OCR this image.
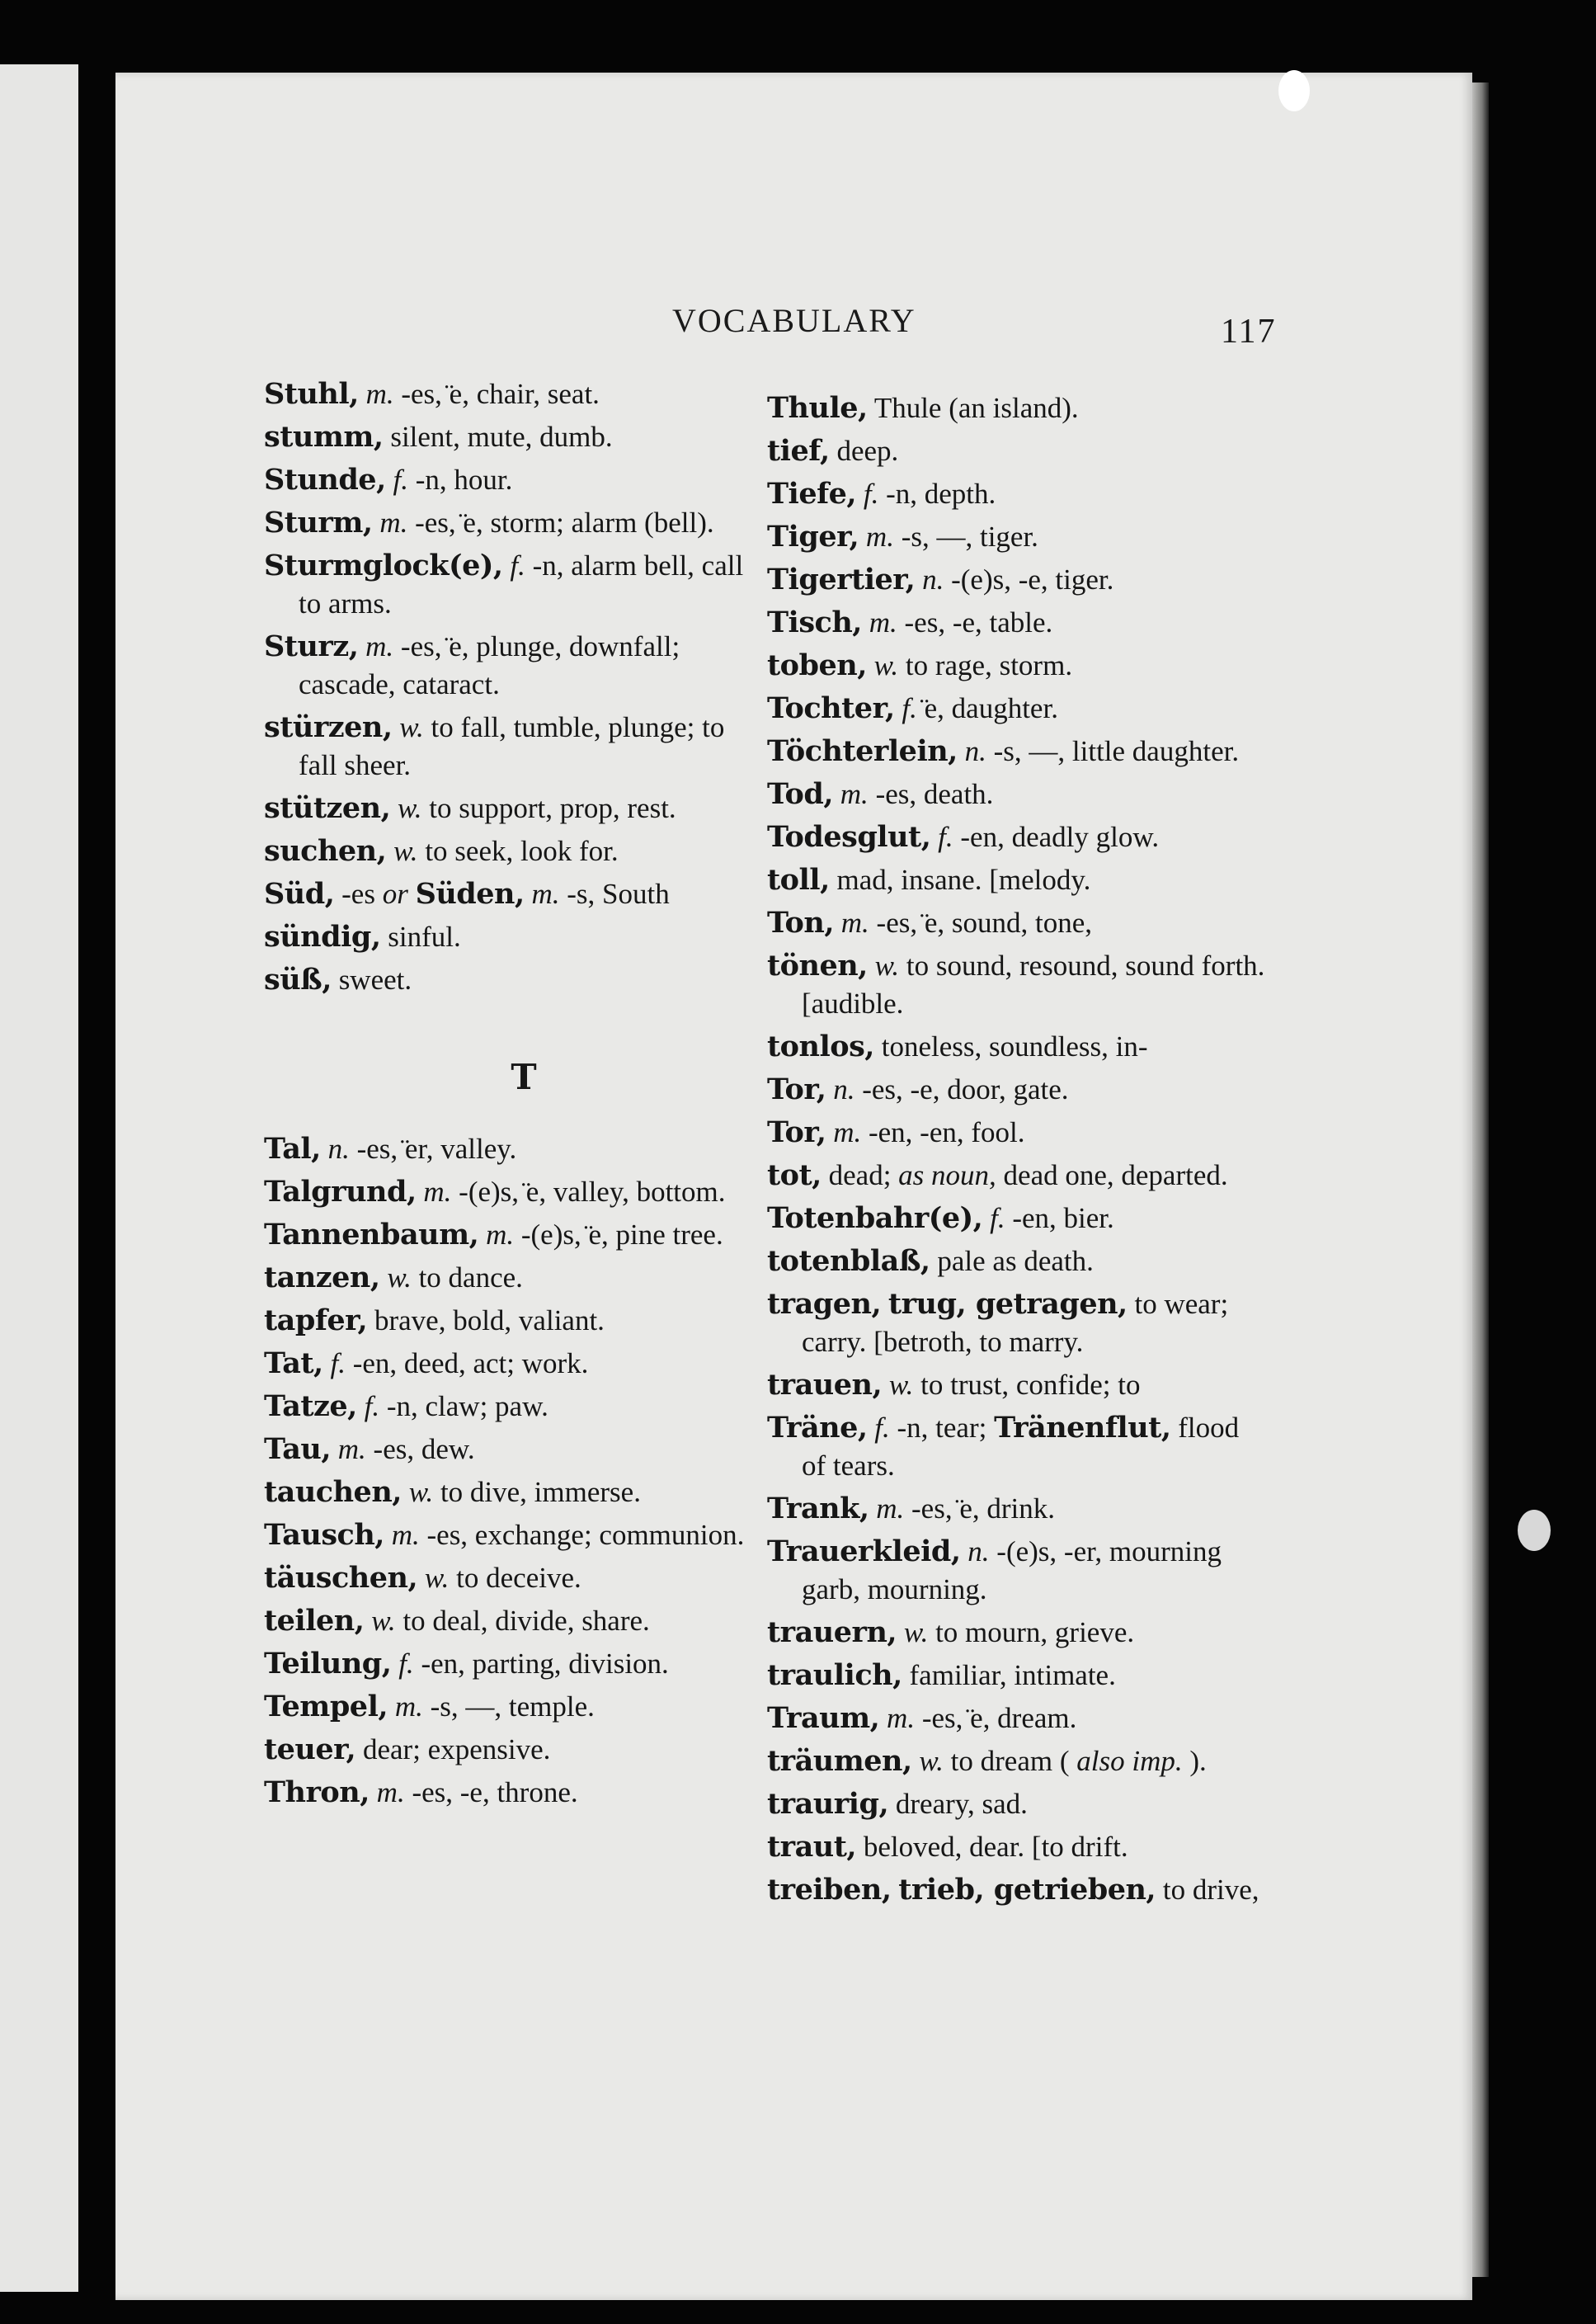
VOCABULARY	117

Stuhl, m. -es, ̈e, chair, seat.

stumm, silent, mute, dumb.

Stunde, f. -n, hour.

Sturm, m. -es, ̈e, storm; alarm (bell).

Sturmglock(e), f. -n, alarm bell, call to arms.

Sturz, m. -es, ̈e, plunge, downfall; cascade, cataract.

stürzen, w. to fall, tumble, plunge; to fall sheer.

stützen, w. to support, prop, rest.

suchen, w. to seek, look for.

Süd, -es or Süden, m. -s, South

sündig, sinful.

süß, sweet.

T

Tal, n. -es, ̈er, valley.

Talgrund, m. -(e)s, ̈e, valley, bottom.

Tannenbaum, m. -(e)s, ̈e, pine tree.

tanzen, w. to dance.

tapfer, brave, bold, valiant.

Tat, f. -en, deed, act; work.

Tatze, f. -n, claw; paw.

Tau, m. -es, dew.

tauchen, w. to dive, immerse.

Tausch, m. -es, exchange; communion.

täuschen, w. to deceive.

teilen, w. to deal, divide, share.

Teilung, f. -en, parting, division.

Tempel, m. -s, —, temple.

teuer, dear; expensive.

Thron, m. -es, -e, throne.

Thule, Thule (an island).

tief, deep.

Tiefe, f. -n, depth.

Tiger, m. -s, —, tiger.

Tigertier, n. -(e)s, -e, tiger.

Tisch, m. -es, -e, table.

toben, w. to rage, storm.

Tochter, f. ̈e, daughter.

Töchterlein, n. -s, —, little daughter.

Tod, m. -es, death.

Todesglut, f. -en, deadly glow.

toll, mad, insane. [melody.

Ton, m. -es, ̈e, sound, tone,

tönen, w. to sound, resound, sound forth. [audible.

tonlos, toneless, soundless, in-

Tor, n. -es, -e, door, gate.

Tor, m. -en, -en, fool.

tot, dead; as noun, dead one, departed.

Totenbahr(e), f. -en, bier.

totenblaß, pale as death.

tragen, trug, getragen, to wear; carry. [betroth, to marry.

trauen, w. to trust, confide; to

Träne, f. -n, tear; Tränenflut, flood of tears.

Trank, m. -es, ̈e, drink.

Trauerkleid, n. -(e)s, -er, mourning garb, mourning.

trauern, w. to mourn, grieve.

traulich, familiar, intimate.

Traum, m. -es, ̈e, dream.

träumen, w. to dream ( also imp. ).

traurig, dreary, sad.

traut, beloved, dear. [to drift.

treiben, trieb, getrieben, to drive,
